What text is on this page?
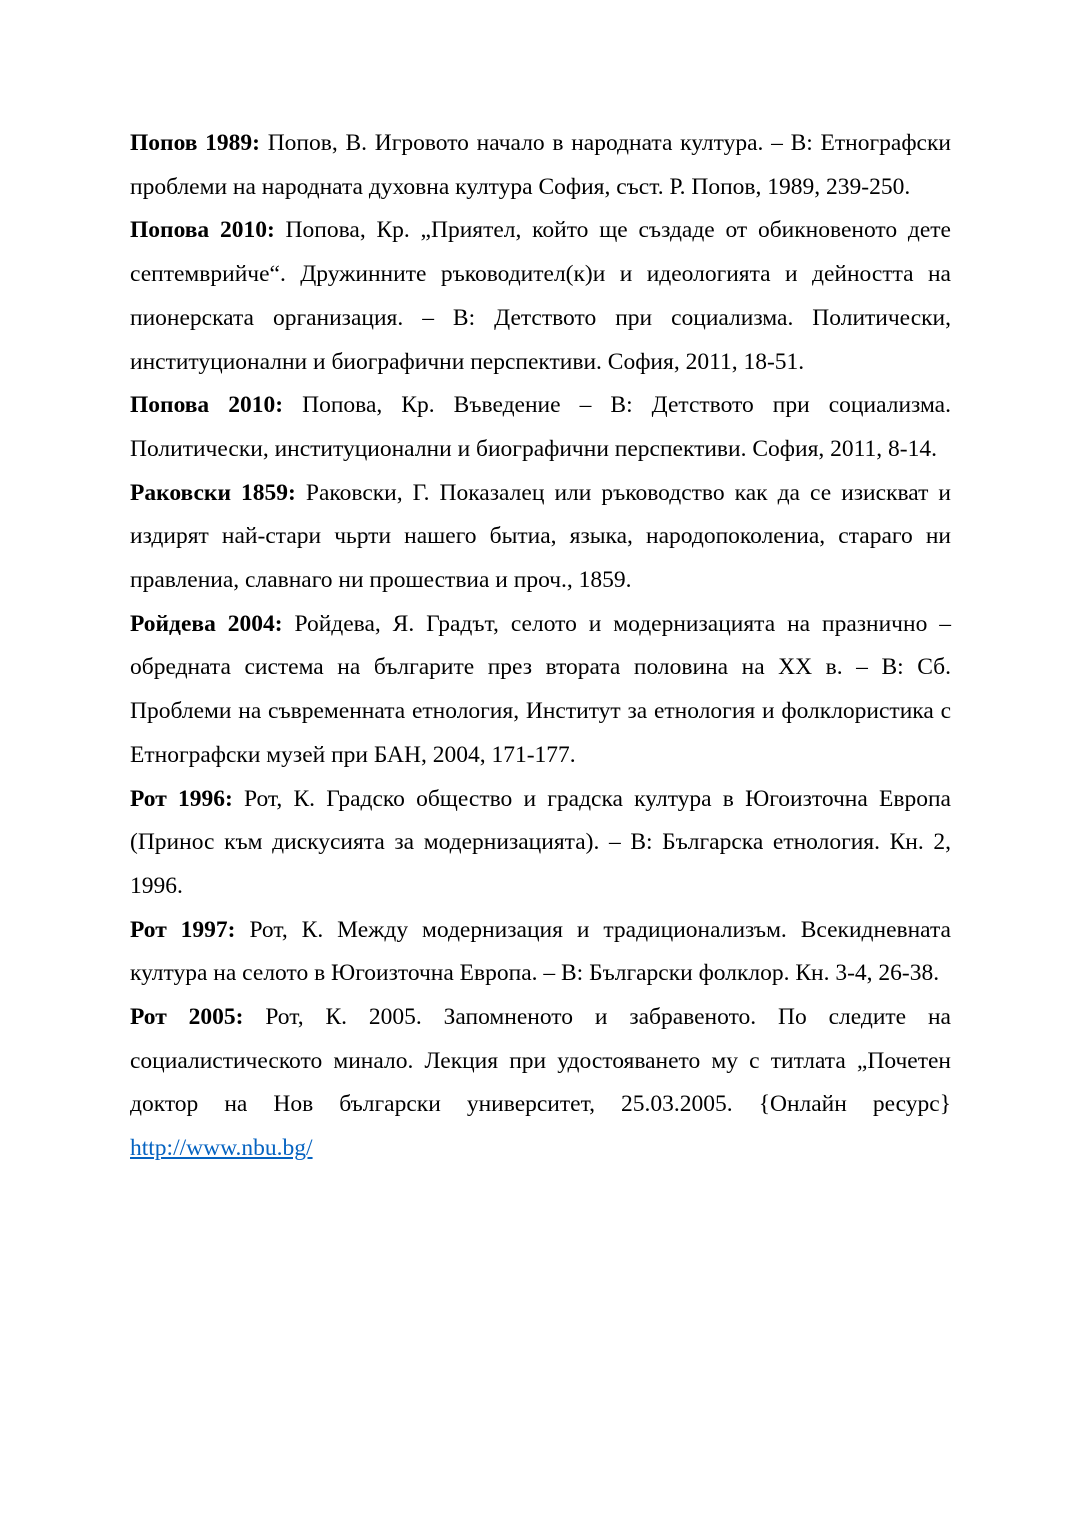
Попов 1989: Попов, В. Игровото начало в народната култура. – В: Етнографски проблеми на народната духовна култура София, съст. Р. Попов, 1989, 239-250.

Попова 2010: Попова, Кр. „Приятел, който ще създаде от обикновеното дете септемврийче“. Дружинните ръководител(к)и и идеологията и дейността на пионерската организация. – В: Детството при социализма. Политически, институционални и биографични перспективи. София, 2011, 18-51.

Попова 2010: Попова, Кр. Въведение – В: Детството при социализма. Политически, институционални и биографични перспективи. София, 2011, 8-14.

Раковски 1859: Раковски, Г. Показалец или ръководство как да се изискват и издирят най-стари чьрти нашего бытиа, языка, народопоколениа, стараго ни правлениа, славнаго ни прошествиа и проч., 1859.

Ройдева 2004: Ройдева, Я. Градът, селото и модернизацията на празнично – обредната система на българите през втората половина на XX в. – В: Сб. Проблеми на съвременната етнология, Институт за етнология и фолклористика с Етнографски музей при БАН, 2004, 171-177.

Рот 1996: Рот, К. Градско общество и градска култура в Югоизточна Европа (Принос към дискусията за модернизацията). – В: Българска етнология. Кн. 2, 1996.

Рот 1997: Рот, К. Между модернизация и традиционализъм. Всекидневната култура на селото в Югоизточна Европа. – В: Български фолклор. Кн. 3-4, 26-38.

Рот 2005: Рот, К. 2005. Запомненото и забравеното. По следите на социалистическото минало. Лекция при удостояването му с титлата „Почетен доктор на Нов български университет, 25.03.2005. {Онлайн ресурс} http://www.nbu.bg/
